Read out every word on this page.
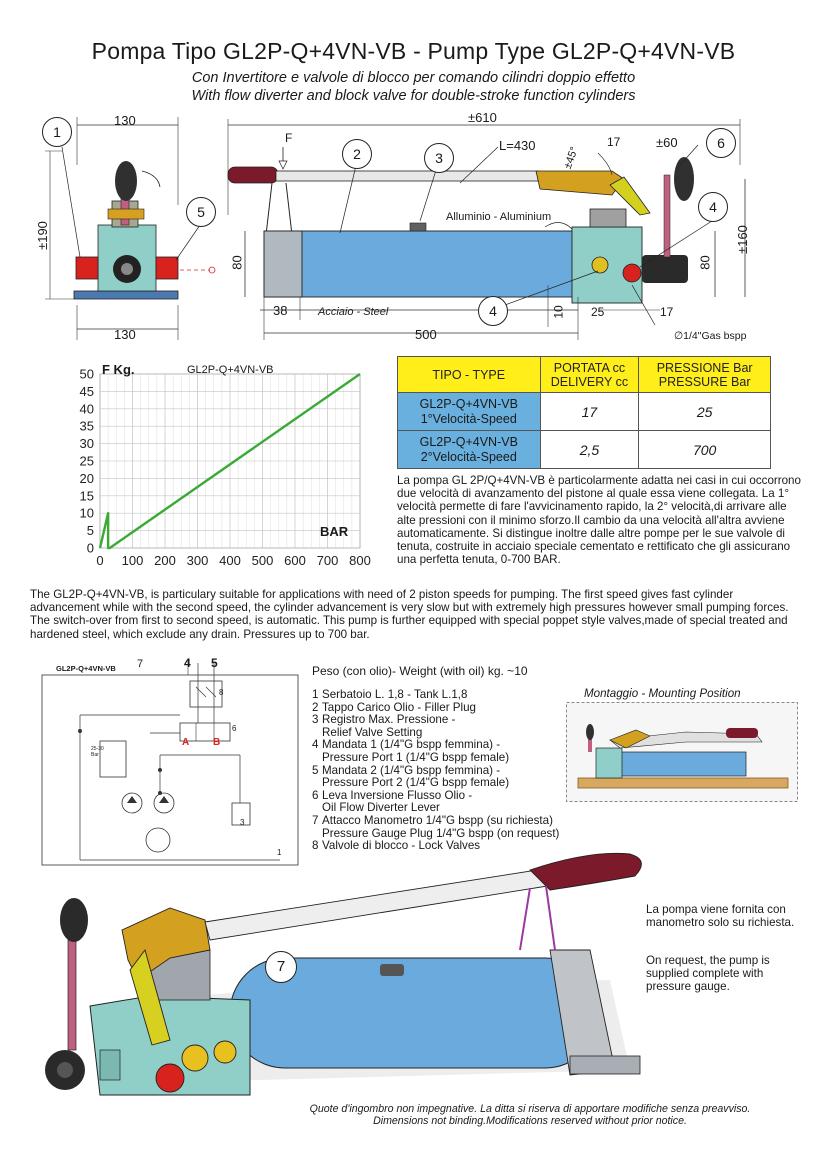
Pompa Tipo GL2P-Q+4VN-VB - Pump Type GL2P-Q+4VN-VB
Con Invertitore e valvole di blocco per comando cilindri doppio effetto
With flow diverter and block valve for double-stroke function cylinders
130
130
±190
±610
17	±60
±160
80	80
38
500
10 25	17
±45°
L=430
F
Alluminio - Aluminium
Acciaio - Steel
∅1/4"Gas bspp
1
5
2	3
4
6
4
0 100 200 300 400 500 600 700 800
0
5
10
15
20
25
30
35
40
45
50 F Kg.	GL2P-Q+4VN-VB
BAR
TIPO - TYPE	PORTATA cc DELIVERY cc	PRESSIONE Bar PRESSURE Bar
GL2P-Q+4VN-VB
1°Velocità-Speed	17	25
GL2P-Q+4VN-VB
2°Velocità-Speed	2,5	700
La pompa GL 2P/Q+4VN-VB è particolarmente adatta nei casi in cui occorrono due velocità di avanzamento del pistone al quale essa viene collegata. La 1° velocità permette di fare l'avvicinamento rapido, la 2° velocità,di arrivare alle alte pressioni con il minimo sforzo.Il cambio da una velocità all'altra avviene automaticamente. Si distingue inoltre dalle altre pompe per le sue valvole di tenuta, costruite in acciaio speciale cementato e rettificato che gli assicurano una perfetta tenuta, 0-700 BAR.
The GL2P-Q+4VN-VB, is particulary suitable for applications with need of 2 piston speeds for pumping. The first speed gives fast cylinder advancement while with the second speed, the cylinder advancement is very slow but with extremely high pressures however small pumping forces. The switch-over from first to second speed, is automatic. This pump is further equipped with special poppet style valves,made of special treated and hardened steel, which exclude any drain. Pressures up to 700 bar.
GL2P-Q+4VN-VB 7	4 5
8
6
A B
3
1
25-30 Bar
Peso (con olio)- Weight (with oil) kg. ~10
1 Serbatoio L. 1,8 - Tank L.1,8
2 Tappo Carico Olio - Filler Plug
3 Registro Max. Pressione -
Relief Valve Setting
4 Mandata 1 (1/4"G bspp femmina) -
Pressure Port 1 (1/4"G bspp female)
5 Mandata 2 (1/4"G bspp femmina) -
Pressure Port 2 (1/4"G bspp female)
6 Leva Inversione Flusso Olio -
Oil Flow Diverter Lever
7 Attacco Manometro 1/4"G bspp (su richiesta)
Pressure Gauge Plug 1/4"G bspp (on request)
8 Valvole di blocco - Lock Valves
Montaggio - Mounting Position
7
La pompa viene fornita con manometro solo su richiesta.
On request, the pump is supplied complete with pressure gauge.
Quote d'ingombro non impegnative. La ditta si riserva di apportare modifiche senza preavviso.
Dimensions not binding.Modifications reserved without prior notice.
